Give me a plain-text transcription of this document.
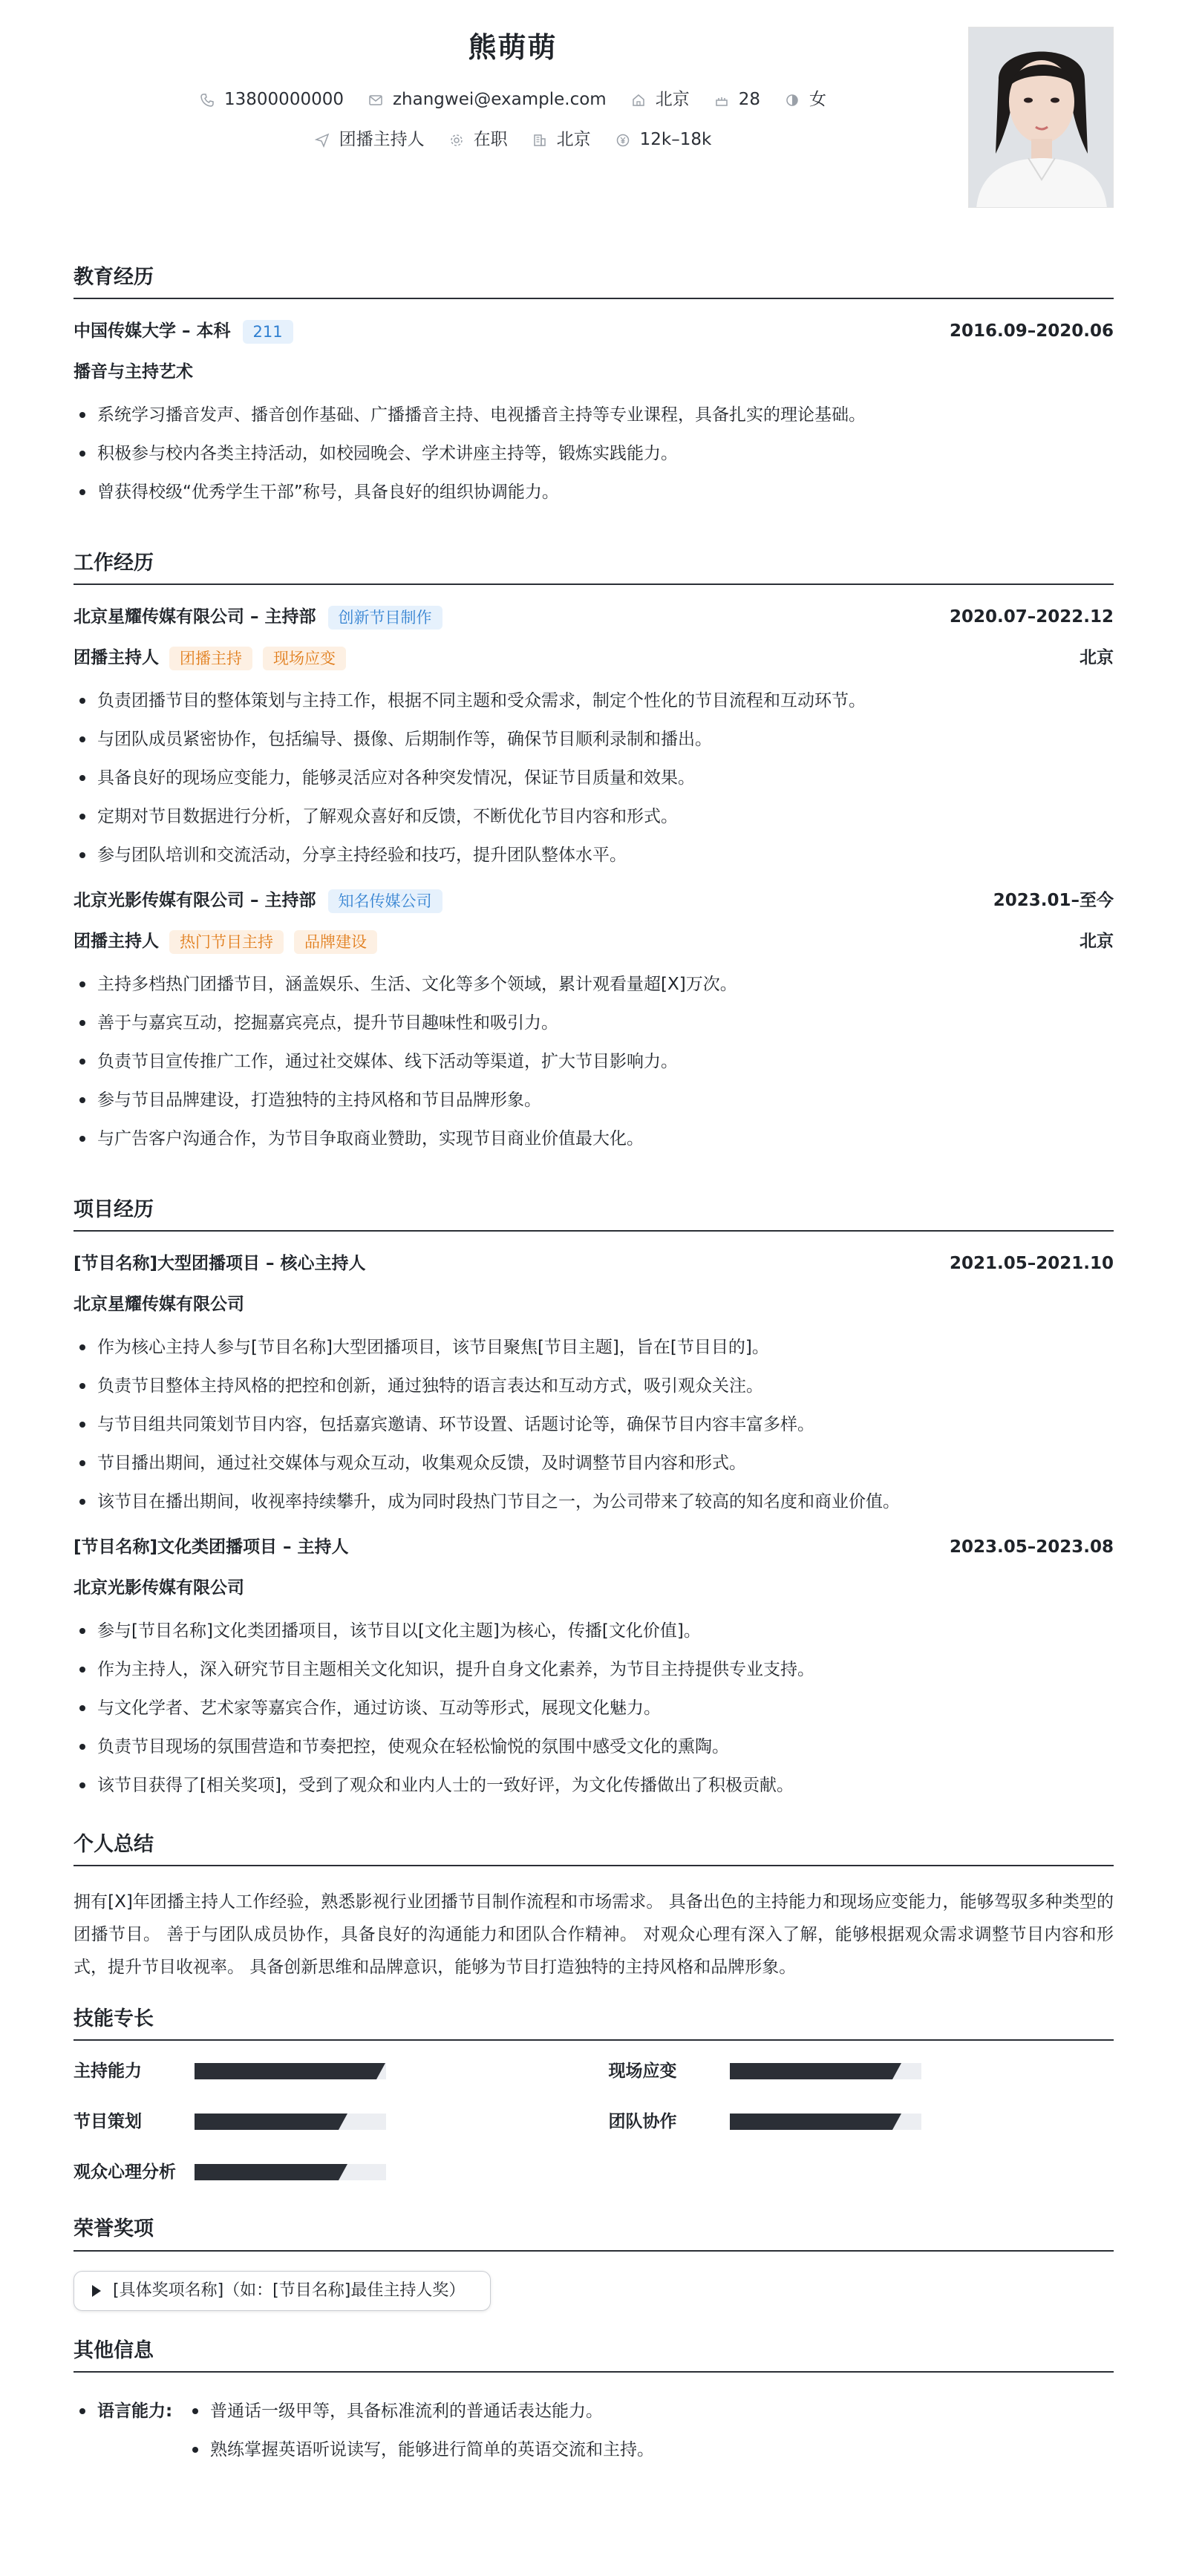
熊萌萌
13800000000	zhangwei@example.com	北京	28	女
团播主持人	在职	北京	12k–18k
教育经历
中国传媒大学 – 本科	211	2016.09–2020.06
播音与主持艺术
系统学习播音发声、播音创作基础、广播播音主持、电视播音主持等专业课程，具备扎实的理论基础。
积极参与校内各类主持活动，如校园晚会、学术讲座主持等，锻炼实践能力。
曾获得校级“优秀学生干部”称号，具备良好的组织协调能力。
工作经历
北京星耀传媒有限公司 – 主持部	创新节目制作	2020.07–2022.12
团播主持人	团播主持	现场应变	北京
负责团播节目的整体策划与主持工作，根据不同主题和受众需求，制定个性化的节目流程和互动环节。
与团队成员紧密协作，包括编导、摄像、后期制作等，确保节目顺利录制和播出。
具备良好的现场应变能力，能够灵活应对各种突发情况，保证节目质量和效果。
定期对节目数据进行分析，了解观众喜好和反馈，不断优化节目内容和形式。
参与团队培训和交流活动，分享主持经验和技巧，提升团队整体水平。
北京光影传媒有限公司 – 主持部	知名传媒公司	2023.01–至今
团播主持人	热门节目主持	品牌建设	北京
主持多档热门团播节目，涵盖娱乐、生活、文化等多个领域，累计观看量超[X]万次。
善于与嘉宾互动，挖掘嘉宾亮点，提升节目趣味性和吸引力。
负责节目宣传推广工作，通过社交媒体、线下活动等渠道，扩大节目影响力。
参与节目品牌建设，打造独特的主持风格和节目品牌形象。
与广告客户沟通合作，为节目争取商业赞助，实现节目商业价值最大化。
项目经历
[节目名称]大型团播项目 – 核心主持人	2021.05–2021.10
北京星耀传媒有限公司
作为核心主持人参与[节目名称]大型团播项目，该节目聚焦[节目主题]，旨在[节目目的]。
负责节目整体主持风格的把控和创新，通过独特的语言表达和互动方式，吸引观众关注。
与节目组共同策划节目内容，包括嘉宾邀请、环节设置、话题讨论等，确保节目内容丰富多样。
节目播出期间，通过社交媒体与观众互动，收集观众反馈，及时调整节目内容和形式。
该节目在播出期间，收视率持续攀升，成为同时段热门节目之一，为公司带来了较高的知名度和商业价值。
[节目名称]文化类团播项目 – 主持人	2023.05–2023.08
北京光影传媒有限公司
参与[节目名称]文化类团播项目，该节目以[文化主题]为核心，传播[文化价值]。
作为主持人，深入研究节目主题相关文化知识，提升自身文化素养，为节目主持提供专业支持。
与文化学者、艺术家等嘉宾合作，通过访谈、互动等形式，展现文化魅力。
负责节目现场的氛围营造和节奏把控，使观众在轻松愉悦的氛围中感受文化的熏陶。
该节目获得了[相关奖项]，受到了观众和业内人士的一致好评，为文化传播做出了积极贡献。
个人总结
拥有[X]年团播主持人工作经验，熟悉影视行业团播节目制作流程和市场需求。 具备出色的主持能力和现场应变能力，能够驾驭多种类型的团播节目。 善于与团队成员协作，具备良好的沟通能力和团队合作精神。 对观众心理有深入了解，能够根据观众需求调整节目内容和形式，提升节目收视率。 具备创新思维和品牌意识，能够为节目打造独特的主持风格和品牌形象。
技能专长
主持能力	现场应变
节目策划	团队协作
观众心理分析
荣誉奖项
[具体奖项名称]（如：[节目名称]最佳主持人奖）
其他信息
语言能力:	普通话一级甲等，具备标准流利的普通话表达能力。
熟练掌握英语听说读写，能够进行简单的英语交流和主持。
